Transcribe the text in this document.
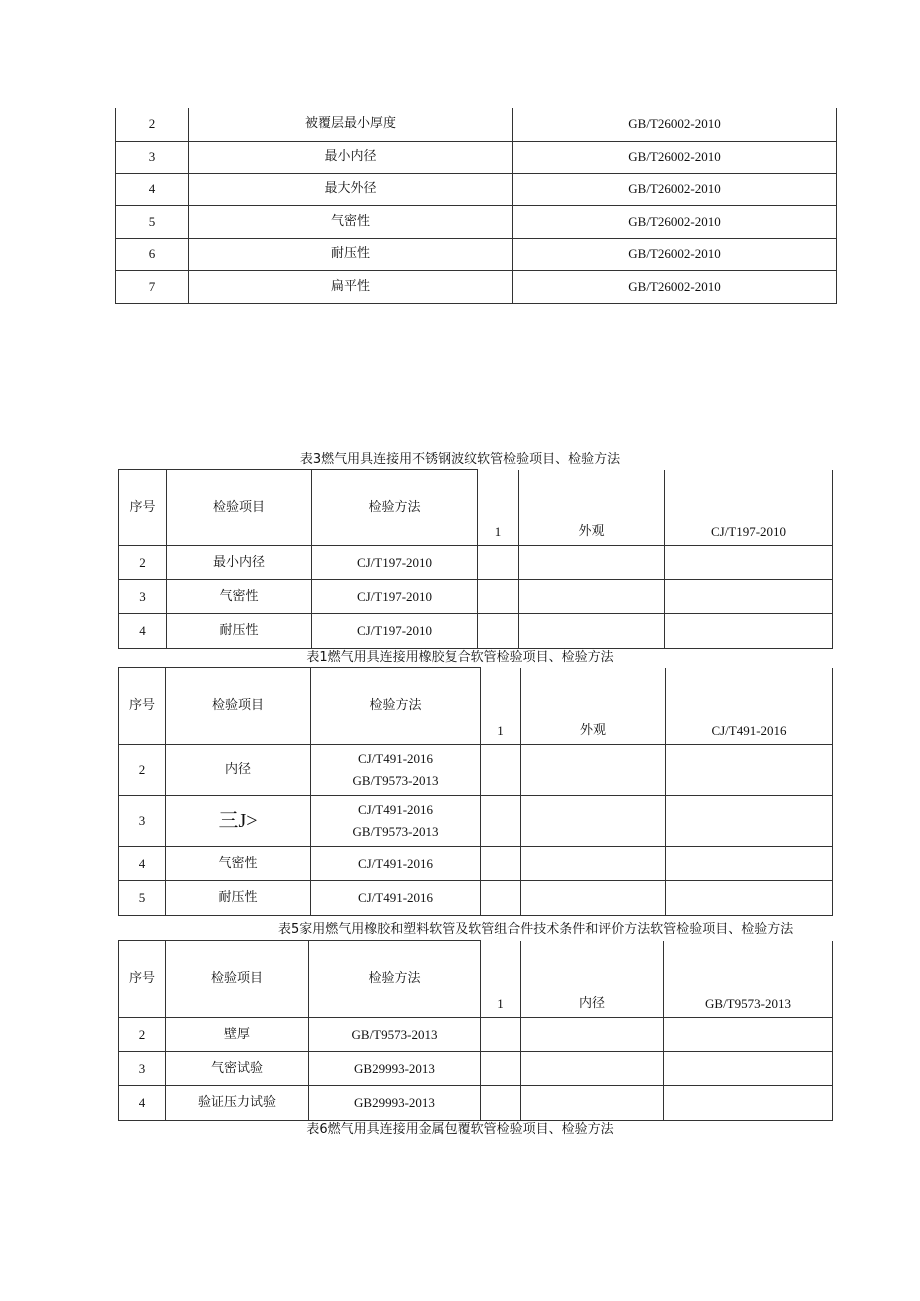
2	被覆层最小厚度	GB/T26002-2010
3	最小内径	GB/T26002-2010
4	最大外径	GB/T26002-2010
5	气密性	GB/T26002-2010
6	耐压性	GB/T26002-2010
7	扁平性	GB/T26002-2010
表3燃气用具连接用不锈钢波纹软管检验项目、检验方法
序号	检验项目	检验方法	1	外观	CJ/T197-2010
2	最小内径	CJ/T197-2010			
3	气密性	CJ/T197-2010			
4	耐压性	CJ/T197-2010			
表1燃气用具连接用橡胶复合软管检验项目、检验方法
序号	检验项目	检验方法	1	外观	CJ/T491-2016
2	内径	CJ/T491-2016
GB/T9573-2013			

3	三J>	CJ/T491-2016
GB/T9573-2013			

4	气密性	CJ/T491-2016			
5	耐压性	CJ/T491-2016			
表5家用燃气用橡胶和塑料软管及软管组合件技术条件和评价方法软管检验项目、检验方法
序号	检验项目	检验方法	1	内径	GB/T9573-2013
2	壁厚	GB/T9573-2013			
3	气密试验	GB29993-2013			
4	验证压力试验	GB29993-2013			
表6燃气用具连接用金属包覆软管检验项目、检验方法
